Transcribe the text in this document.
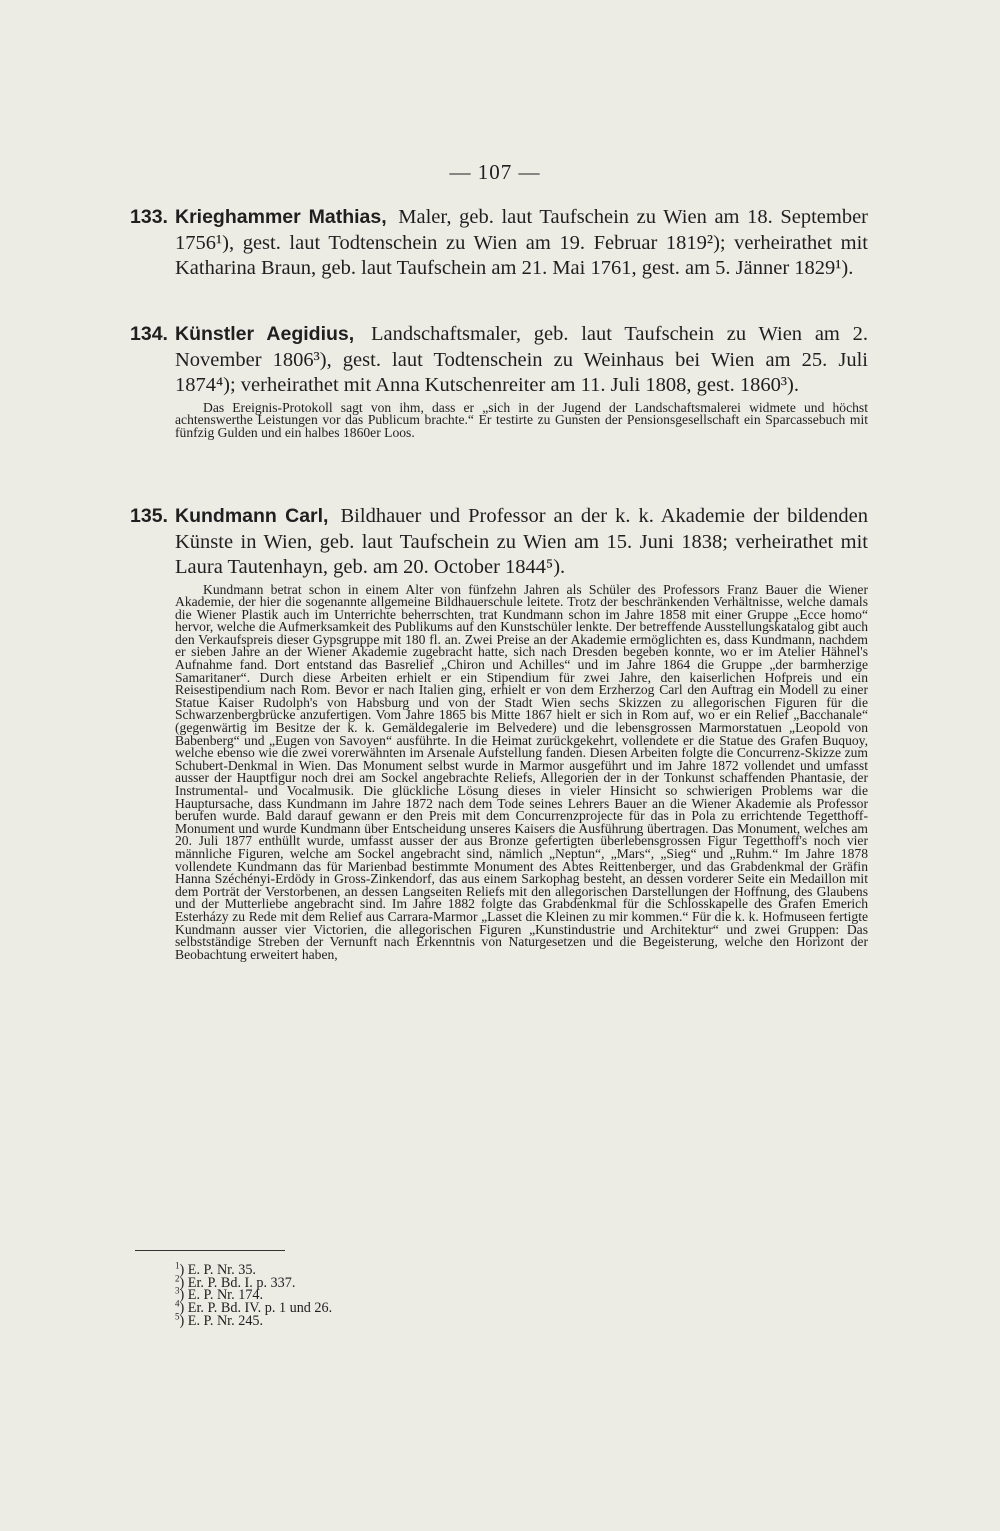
— 107 —
133. Krieghammer Mathias, Maler, geb. laut Taufschein zu Wien am 18. September 1756¹), gest. laut Todtenschein zu Wien am 19. Februar 1819²); verheirathet mit Katharina Braun, geb. laut Taufschein am 21. Mai 1761, gest. am 5. Jänner 1829¹).
134. Künstler Aegidius, Landschaftsmaler, geb. laut Taufschein zu Wien am 2. November 1806³), gest. laut Todtenschein zu Weinhaus bei Wien am 25. Juli 1874⁴); verheirathet mit Anna Kutschenreiter am 11. Juli 1808, gest. 1860³).
Das Ereignis-Protokoll sagt von ihm, dass er „sich in der Jugend der Landschaftsmalerei widmete und höchst achtenswerthe Leistungen vor das Publicum brachte.“ Er testirte zu Gunsten der Pensionsgesellschaft ein Sparcassebuch mit fünfzig Gulden und ein halbes 1860er Loos.
135. Kundmann Carl, Bildhauer und Professor an der k. k. Akademie der bildenden Künste in Wien, geb. laut Taufschein zu Wien am 15. Juni 1838; verheirathet mit Laura Tautenhayn, geb. am 20. October 1844⁵).
Kundmann betrat schon in einem Alter von fünfzehn Jahren als Schüler des Professors Franz Bauer die Wiener Akademie, der hier die sogenannte allgemeine Bildhauerschule leitete. Trotz der beschränkenden Verhältnisse, welche damals die Wiener Plastik auch im Unterrichte beherrschten, trat Kundmann schon im Jahre 1858 mit einer Gruppe „Ecce homo“ hervor, welche die Aufmerksamkeit des Publikums auf den Kunstschüler lenkte. Der betreffende Ausstellungskatalog gibt auch den Verkaufspreis dieser Gypsgruppe mit 180 fl. an. Zwei Preise an der Akademie ermöglichten es, dass Kundmann, nachdem er sieben Jahre an der Wiener Akademie zugebracht hatte, sich nach Dresden begeben konnte, wo er im Atelier Hähnel's Aufnahme fand. Dort entstand das Basrelief „Chiron und Achilles“ und im Jahre 1864 die Gruppe „der barmherzige Samaritaner“. Durch diese Arbeiten erhielt er ein Stipendium für zwei Jahre, den kaiserlichen Hofpreis und ein Reisestipendium nach Rom. Bevor er nach Italien ging, erhielt er von dem Erzherzog Carl den Auftrag ein Modell zu einer Statue Kaiser Rudolph's von Habsburg und von der Stadt Wien sechs Skizzen zu allegorischen Figuren für die Schwarzenbergbrücke anzufertigen. Vom Jahre 1865 bis Mitte 1867 hielt er sich in Rom auf, wo er ein Relief „Bacchanale“ (gegenwärtig im Besitze der k. k. Gemäldegalerie im Belvedere) und die lebensgrossen Marmorstatuen „Leopold von Babenberg“ und „Eugen von Savoyen“ ausführte. In die Heimat zurückgekehrt, vollendete er die Statue des Grafen Buquoy, welche ebenso wie die zwei vorerwähnten im Arsenale Aufstellung fanden. Diesen Arbeiten folgte die Concurrenz-Skizze zum Schubert-Denkmal in Wien. Das Monument selbst wurde in Marmor ausgeführt und im Jahre 1872 vollendet und umfasst ausser der Hauptfigur noch drei am Sockel angebrachte Reliefs, Allegorien der in der Tonkunst schaffenden Phantasie, der Instrumental- und Vocalmusik. Die glückliche Lösung dieses in vieler Hinsicht so schwierigen Problems war die Hauptursache, dass Kundmann im Jahre 1872 nach dem Tode seines Lehrers Bauer an die Wiener Akademie als Professor berufen wurde. Bald darauf gewann er den Preis mit dem Concurrenzprojecte für das in Pola zu errichtende Tegetthoff-Monument und wurde Kundmann über Entscheidung unseres Kaisers die Ausführung übertragen. Das Monument, welches am 20. Juli 1877 enthüllt wurde, umfasst ausser der aus Bronze gefertigten überlebensgrossen Figur Tegetthoff's noch vier männliche Figuren, welche am Sockel angebracht sind, nämlich „Neptun“, „Mars“, „Sieg“ und „Ruhm.“ Im Jahre 1878 vollendete Kundmann das für Marienbad bestimmte Monument des Abtes Reittenberger, und das Grabdenkmal der Gräfin Hanna Széchényi-Erdödy in Gross-Zinkendorf, das aus einem Sarkophag besteht, an dessen vorderer Seite ein Medaillon mit dem Porträt der Verstorbenen, an dessen Langseiten Reliefs mit den allegorischen Darstellungen der Hoffnung, des Glaubens und der Mutterliebe angebracht sind. Im Jahre 1882 folgte das Grabdenkmal für die Schlosskapelle des Grafen Emerich Esterházy zu Rede mit dem Relief aus Carrara-Marmor „Lasset die Kleinen zu mir kommen.“ Für die k. k. Hofmuseen fertigte Kundmann ausser vier Victorien, die allegorischen Figuren „Kunstindustrie und Architektur“ und zwei Gruppen: Das selbstständige Streben der Vernunft nach Erkenntnis von Naturgesetzen und die Begeisterung, welche den Horizont der Beobachtung erweitert haben,
$^1$) E. P. Nr. 35.
$^2$) Er. P. Bd. I. p. 337.
$^3$) E. P. Nr. 174.
$^4$) Er. P. Bd. IV. p. 1 und 26.
$^5$) E. P. Nr. 245.
